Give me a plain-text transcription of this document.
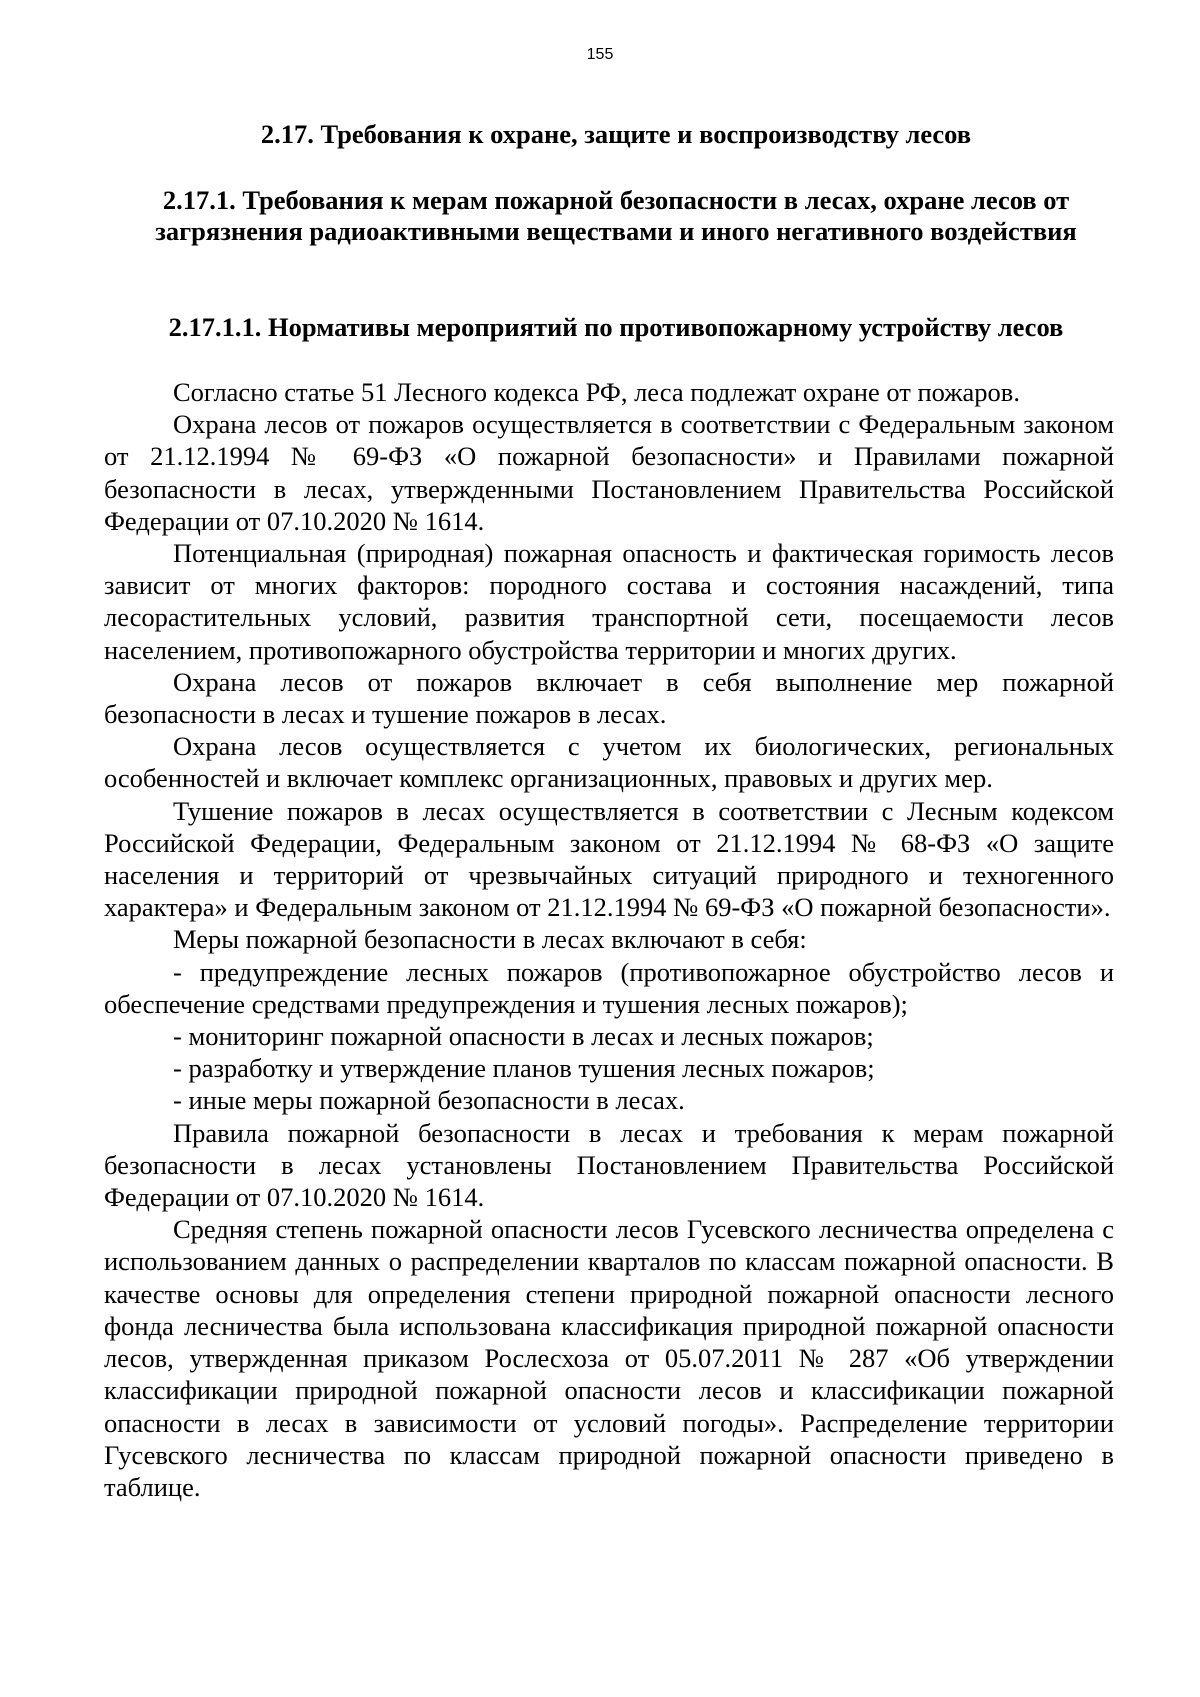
155
2.17. Требования к охране, защите и воспроизводству лесов
2.17.1. Требования к мерам пожарной безопасности в лесах, охране лесов от загрязнения радиоактивными веществами и иного негативного воздействия
2.17.1.1. Нормативы мероприятий по противопожарному устройству лесов

Согласно статье 51 Лесного кодекса РФ, леса подлежат охране от пожаров.

Охрана лесов от пожаров осуществляется в соответствии с Федеральным законом от 21.12.1994 № 69-ФЗ «О пожарной безопасности» и Правилами пожарной безопасности в лесах, утвержденными Постановлением Правительства Российской Федерации от 07.10.2020 № 1614.

Потенциальная (природная) пожарная опасность и фактическая горимость лесов зависит от многих факторов: породного состава и состояния насаждений, типа лесорастительных условий, развития транспортной сети, посещаемости лесов населением, противопожарного обустройства территории и многих других.

Охрана лесов от пожаров включает в себя выполнение мер пожарной безопасности в лесах и тушение пожаров в лесах.

Охрана лесов осуществляется с учетом их биологических, региональных особенностей и включает комплекс организационных, правовых и других мер.

Тушение пожаров в лесах осуществляется в соответствии с Лесным кодексом Российской Федерации, Федеральным законом от 21.12.1994 № 68-ФЗ «О защите населения и территорий от чрезвычайных ситуаций природного и техногенного характера» и Федеральным законом от 21.12.1994 № 69-ФЗ «О пожарной безопасности».

Меры пожарной безопасности в лесах включают в себя:

- предупреждение лесных пожаров (противопожарное обустройство лесов и обеспечение средствами предупреждения и тушения лесных пожаров);

- мониторинг пожарной опасности в лесах и лесных пожаров;

- разработку и утверждение планов тушения лесных пожаров;

- иные меры пожарной безопасности в лесах.

Правила пожарной безопасности в лесах и требования к мерам пожарной безопасности в лесах установлены Постановлением Правительства Российской Федерации от 07.10.2020 № 1614.

Средняя степень пожарной опасности лесов Гусевского лесничества определена с использованием данных о распределении кварталов по классам пожарной опасности. В качестве основы для определения степени природной пожарной опасности лесного фонда лесничества была использована классификация природной пожарной опасности лесов, утвержденная приказом Рослесхоза от 05.07.2011 № 287 «Об утверждении классификации природной пожарной опасности лесов и классификации пожарной опасности в лесах в зависимости от условий погоды». Распределение территории Гусевского лесничества по классам природной пожарной опасности приведено в таблице.
